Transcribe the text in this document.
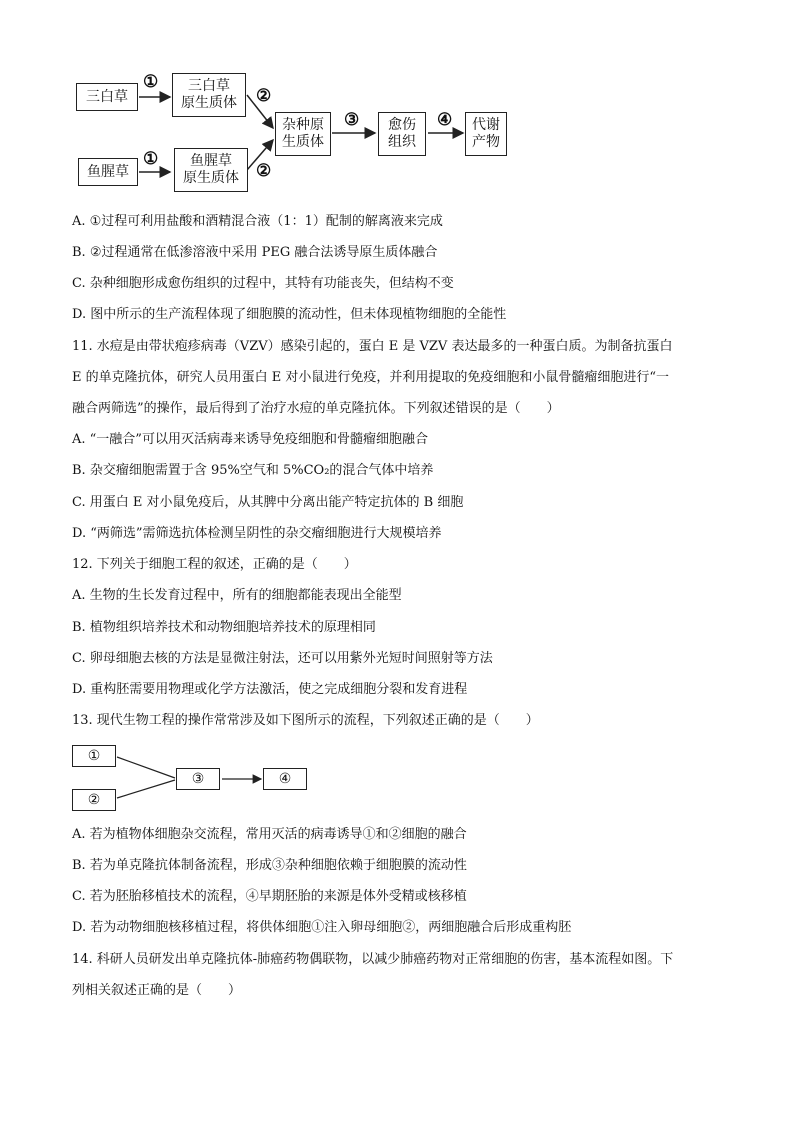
三白草
① 三白草
原生质体 ②
鱼腥草
① 鱼腥草
原生质体 ②
杂种原
生质体
③ 愈伤
组织
④ 代谢
产物
A. ①过程可利用盐酸和酒精混合液（1：1）配制的解离液来完成
B. ②过程通常在低渗溶液中采用 PEG 融合法诱导原生质体融合
C. 杂种细胞形成愈伤组织的过程中，其特有功能丧失，但结构不变
D. 图中所示的生产流程体现了细胞膜的流动性，但未体现植物细胞的全能性
11. 水痘是由带状疱疹病毒（VZV）感染引起的，蛋白 E 是 VZV 表达最多的一种蛋白质。为制备抗蛋白
E 的单克隆抗体，研究人员用蛋白 E 对小鼠进行免疫，并利用提取的免疫细胞和小鼠骨髓瘤细胞进行“一
融合两筛选”的操作，最后得到了治疗水痘的单克隆抗体。下列叙述错误的是（　　）
A. “一融合”可以用灭活病毒来诱导免疫细胞和骨髓瘤细胞融合
B. 杂交瘤细胞需置于含 95%空气和 5%CO₂的混合气体中培养
C. 用蛋白 E 对小鼠免疫后，从其脾中分离出能产特定抗体的 B 细胞
D. “两筛选”需筛选抗体检测呈阴性的杂交瘤细胞进行大规模培养
12. 下列关于细胞工程的叙述，正确的是（　　）
A. 生物的生长发育过程中，所有的细胞都能表现出全能型
B. 植物组织培养技术和动物细胞培养技术的原理相同
C. 卵母细胞去核的方法是显微注射法，还可以用紫外光短时间照射等方法
D. 重构胚需要用物理或化学方法激活，使之完成细胞分裂和发育进程
13. 现代生物工程的操作常常涉及如下图所示的流程，下列叙述正确的是（　　）
①
②
③	④
A. 若为植物体细胞杂交流程，常用灭活的病毒诱导①和②细胞的融合
B. 若为单克隆抗体制备流程，形成③杂种细胞依赖于细胞膜的流动性
C. 若为胚胎移植技术的流程，④早期胚胎的来源是体外受精或核移植
D. 若为动物细胞核移植过程，将供体细胞①注入卵母细胞②，两细胞融合后形成重构胚
14. 科研人员研发出单克隆抗体-肺癌药物偶联物，以减少肺癌药物对正常细胞的伤害，基本流程如图。下
列相关叙述正确的是（　　）
